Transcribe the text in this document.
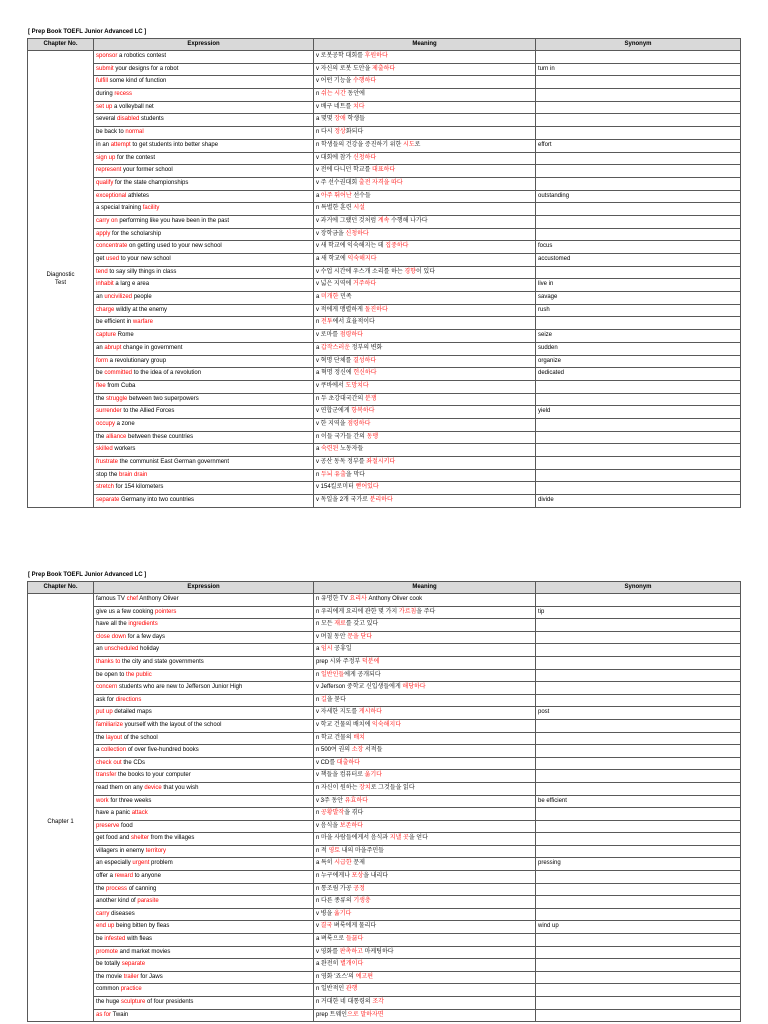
[ Prep Book TOEFL Junior Advanced LC ]
Chapter No.	Expression	Meaning	Synonym
Diagnostic Test
sponsor a robotics contest	v 로봇공학 대회를 후원하다
submit your designs for a robot	v 자신의 로봇 도안을 제출하다	turn in
fulfill some kind of function	v 어떤 기능을 수행하다
during recess	n 쉬는 시간 동안에
set up a volleyball net	v 배구 네트를 치다
several disabled students	a 몇몇 장애 학생들
be back to normal	n 다시 정상화되다
in an attempt to get students into better shape	n 학생들의 건강을 증진하기 위한 시도로	effort
sign up for the contest	v 대회에 참가 신청하다
represent your former school	v 전에 다니던 학교를 대표하다
qualify for the state championships	v 주 선수권대회 출전 자격을 따다
exceptional athletes	a 아주 뛰어난 선수들	outstanding
a special training facility	n 특별한 훈련 시설
carry on performing like you have been in the past	v 과거에 그랬던 것처럼 계속 수행해 나가다
apply for the scholarship	v 장학금을 신청하다
concentrate on getting used to your new school	v 새 학교에 익숙해지는 데 집중하다	focus
get used to your new school	a 새 학교에 익숙해지다	accustomed
tend to say silly things in class	v 수업 시간에 우스개 소리를 하는 경향이 있다
inhabit a larg e area	v 넓은 지역에 거주하다	live in
an uncivilized people	a 미개한 민족	savage
charge wildly at the enemy	v 적에게 맹렬하게 돌진하다	rush
be efficient in warfare	n 전투에서 효율적이다
capture Rome	v 로마를 점령하다	seize
an abrupt change in government	a 갑작스러운 정부의 변화	sudden
form a revolutionary group	v 혁명 단체를 결성하다	organize
be committed to the idea of a revolution	a 혁명 정신에 헌신하다	dedicated
flee from Cuba	v 쿠바에서 도망치다
the struggle between two superpowers	n 두 초강대국간의 분쟁
surrender to the Allied Forces	v 연합군에게 항복하다	yield
occupy a zone	v 한 지역을 점령하다
the alliance between these countries	n 이들 국가들 간의 동맹
skilled workers	a 숙련된 노동자들
frustrate the communist East German government	v 공산 동독 정부를 좌절시키다
stop the brain drain	n 두뇌 유출을 막다
stretch for 154 kilometers	v 154킬로미터 뻗어있다
separate Germany into two countries	v 독일을 2개 국가로 분리하다	divide
[ Prep Book TOEFL Junior Advanced LC ]
Chapter No.	Expression	Meaning	Synonym
Chapter 1
famous TV chef Anthony Oliver	n 유명한 TV 요리사 Anthony Oliver cook
give us a few cooking pointers	n 우리에게 요리에 관한 몇 가지 가르침을 주다	tip
have all the ingredients	n 모든 재료를 갖고 있다
close down for a few days	v 며칠 동안 문을 닫다
an unscheduled holiday	a 임시 공휴일
thanks to the city and state governments	prep 시와 주정부 덕분에
be open to the public	n 일반인들에게 공개되다
concern students who are new to Jefferson Junior High	v Jefferson 중학교 신입생들에게 해당하다
ask for directions	n 길을 묻다
put up detailed maps	v 자세한 지도를 게시하다	post
familiarize yourself with the layout of the school	v 학교 건물의 배치에 익숙해지다
the layout of the school	n 학교 건물의 배치
a collection of over five-hundred books	n 500여 권의 소장 서적들
check out the CDs	v CD를 대출하다
transfer the books to your computer	v 책들을 컴퓨터로 옮기다
read them on any device that you wish	n 자신이 원하는 장치로 그것들을 읽다
work for three weeks	v 3주 동안 유효하다	be efficient
have a panic attack	n 공황발작을 겪다
preserve food	v 음식을 보존하다
get food and shelter from the villages	n 마을 사람들에게서 음식과 지낼 곳을 얻다
villagers in enemy territory	n 적 영토 내의 마을주민들
an especially urgent problem	a 특히 시급한 문제	pressing
offer a reward to anyone	n 누구에게나 포상을 내리다
the process of canning	n 통조림 가공 공정
another kind of parasite	n 다른 종류의 기생충
carry diseases	v 병을 옮기다
end up being bitten by fleas	v 결국 벼룩에게 물리다	wind up
be infested with fleas	a 벼룩으로 들끓다
promote and market movies	v 영화를 판촉하고 마케팅하다
be totally separate	a 완전히 별개이다
the movie trailer for Jaws	n 영화 '죠스'의 예고편
common practice	n 일반적인 관행
the huge sculpture of four presidents	n 거대한 네 대통령의 조각
as for Twain	prep 트웨인으로 말하자면
